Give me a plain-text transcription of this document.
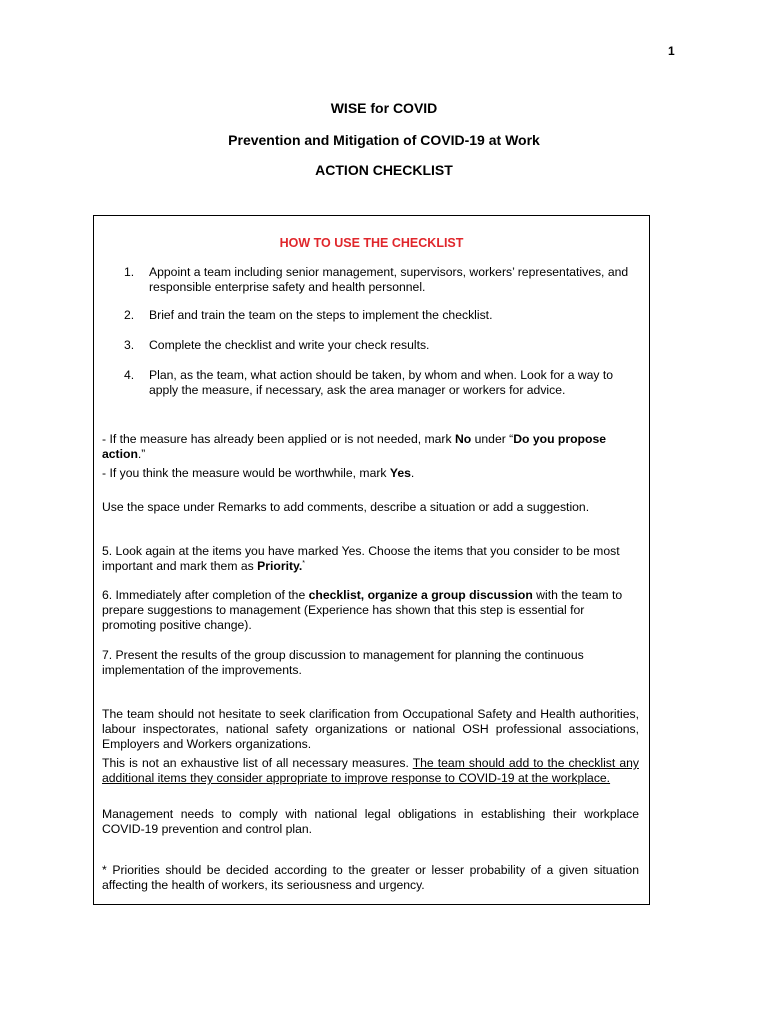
1
WISE for COVID
Prevention and Mitigation of COVID-19 at Work
ACTION CHECKLIST
HOW TO USE THE CHECKLIST
1. Appoint a team including senior management, supervisors, workers’ representatives, and responsible enterprise safety and health personnel.
2. Brief and train the team on the steps to implement the checklist.
3. Complete the checklist and write your check results.
4. Plan, as the team, what action should be taken, by whom and when. Look for a way to apply the measure, if necessary, ask the area manager or workers for advice.
- If the measure has already been applied or is not needed, mark No under “Do you propose action.”
- If you think the measure would be worthwhile, mark Yes.
Use the space under Remarks to add comments, describe a situation or add a suggestion.
5. Look again at the items you have marked Yes. Choose the items that you consider to be most important and mark them as Priority.*
6. Immediately after completion of the checklist, organize a group discussion with the team to prepare suggestions to management (Experience has shown that this step is essential for promoting positive change).
7. Present the results of the group discussion to management for planning the continuous implementation of the improvements.
The team should not hesitate to seek clarification from Occupational Safety and Health authorities, labour inspectorates, national safety organizations or national OSH professional associations, Employers and Workers organizations.
This is not an exhaustive list of all necessary measures. The team should add to the checklist any additional items they consider appropriate to improve response to COVID-19 at the workplace.
Management needs to comply with national legal obligations in establishing their workplace COVID-19 prevention and control plan.
* Priorities should be decided according to the greater or lesser probability of a given situation affecting the health of workers, its seriousness and urgency.
